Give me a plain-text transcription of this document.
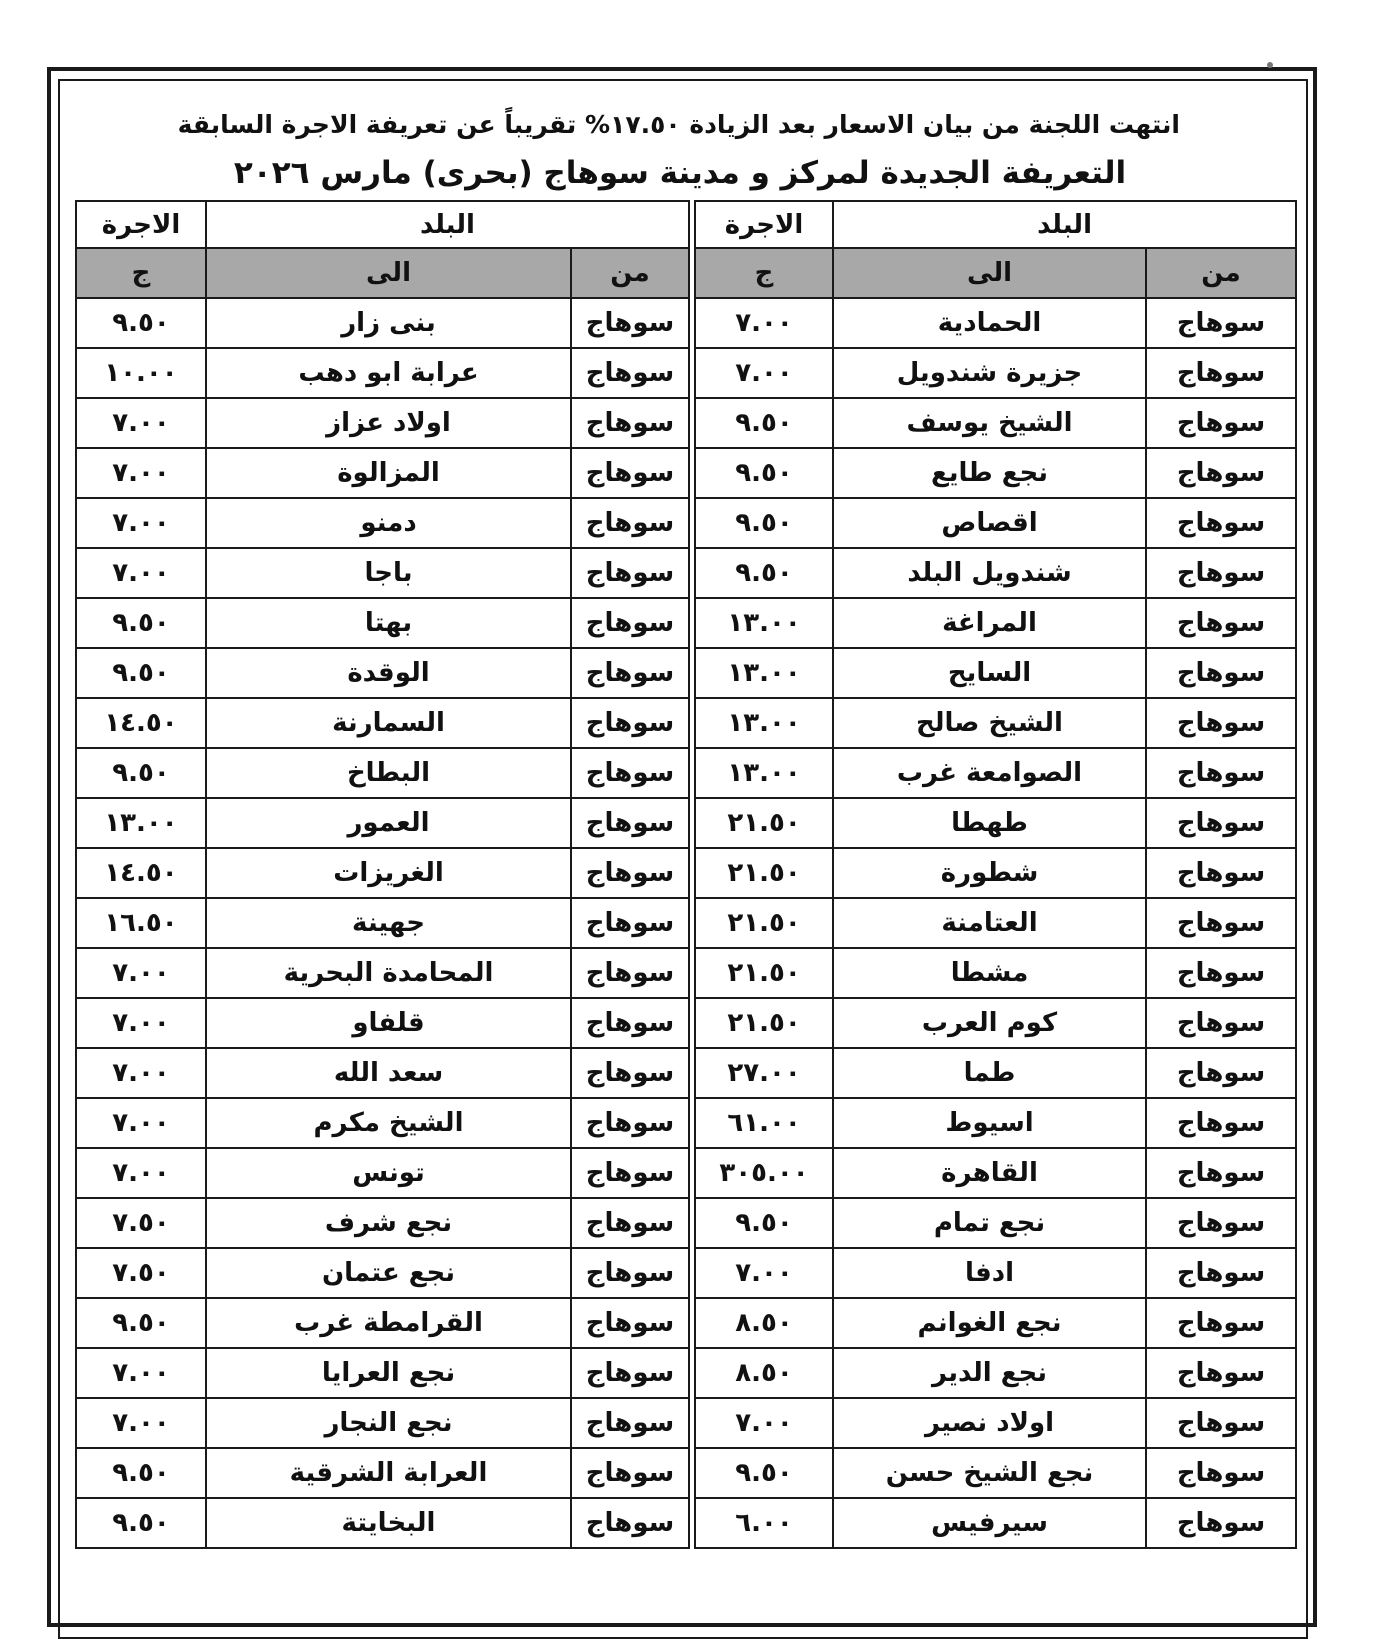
انتهت اللجنة من بيان الاسعار بعد الزيادة ١٧.٥٠% تقريباً عن تعريفة الاجرة السابقة
التعريفة الجديدة لمركز و مدينة سوهاج (بحرى) مارس ٢٠٢٦
الاجرة	البلد			الاجرة	البلد	
ج	الى	من		ج	الى	من
٩.٥٠	بنى زار	سوهاج		٧.٠٠	الحمادية	سوهاج
١٠.٠٠	عرابة ابو دهب	سوهاج		٧.٠٠	جزيرة شندويل	سوهاج
٧.٠٠	اولاد عزاز	سوهاج		٩.٥٠	الشيخ يوسف	سوهاج
٧.٠٠	المزالوة	سوهاج		٩.٥٠	نجع طايع	سوهاج
٧.٠٠	دمنو	سوهاج		٩.٥٠	اقصاص	سوهاج
٧.٠٠	باجا	سوهاج		٩.٥٠	شندويل البلد	سوهاج
٩.٥٠	بهتا	سوهاج		١٣.٠٠	المراغة	سوهاج
٩.٥٠	الوقدة	سوهاج		١٣.٠٠	السايح	سوهاج
١٤.٥٠	السمارنة	سوهاج		١٣.٠٠	الشيخ صالح	سوهاج
٩.٥٠	البطاخ	سوهاج		١٣.٠٠	الصوامعة غرب	سوهاج
١٣.٠٠	العمور	سوهاج		٢١.٥٠	طهطا	سوهاج
١٤.٥٠	الغريزات	سوهاج		٢١.٥٠	شطورة	سوهاج
١٦.٥٠	جهينة	سوهاج		٢١.٥٠	العتامنة	سوهاج
٧.٠٠	المحامدة البحرية	سوهاج		٢١.٥٠	مشطا	سوهاج
٧.٠٠	قلفاو	سوهاج		٢١.٥٠	كوم العرب	سوهاج
٧.٠٠	سعد الله	سوهاج		٢٧.٠٠	طما	سوهاج
٧.٠٠	الشيخ مكرم	سوهاج		٦١.٠٠	اسيوط	سوهاج
٧.٠٠	تونس	سوهاج		٣٠٥.٠٠	القاهرة	سوهاج
٧.٥٠	نجع شرف	سوهاج		٩.٥٠	نجع تمام	سوهاج
٧.٥٠	نجع عتمان	سوهاج		٧.٠٠	ادفا	سوهاج
٩.٥٠	القرامطة غرب	سوهاج		٨.٥٠	نجع الغوانم	سوهاج
٧.٠٠	نجع العرايا	سوهاج		٨.٥٠	نجع الدير	سوهاج
٧.٠٠	نجع النجار	سوهاج		٧.٠٠	اولاد نصير	سوهاج
٩.٥٠	العرابة الشرقية	سوهاج		٩.٥٠	نجع الشيخ حسن	سوهاج
٩.٥٠	البخايتة	سوهاج		٦.٠٠	سيرفيس	سوهاج
